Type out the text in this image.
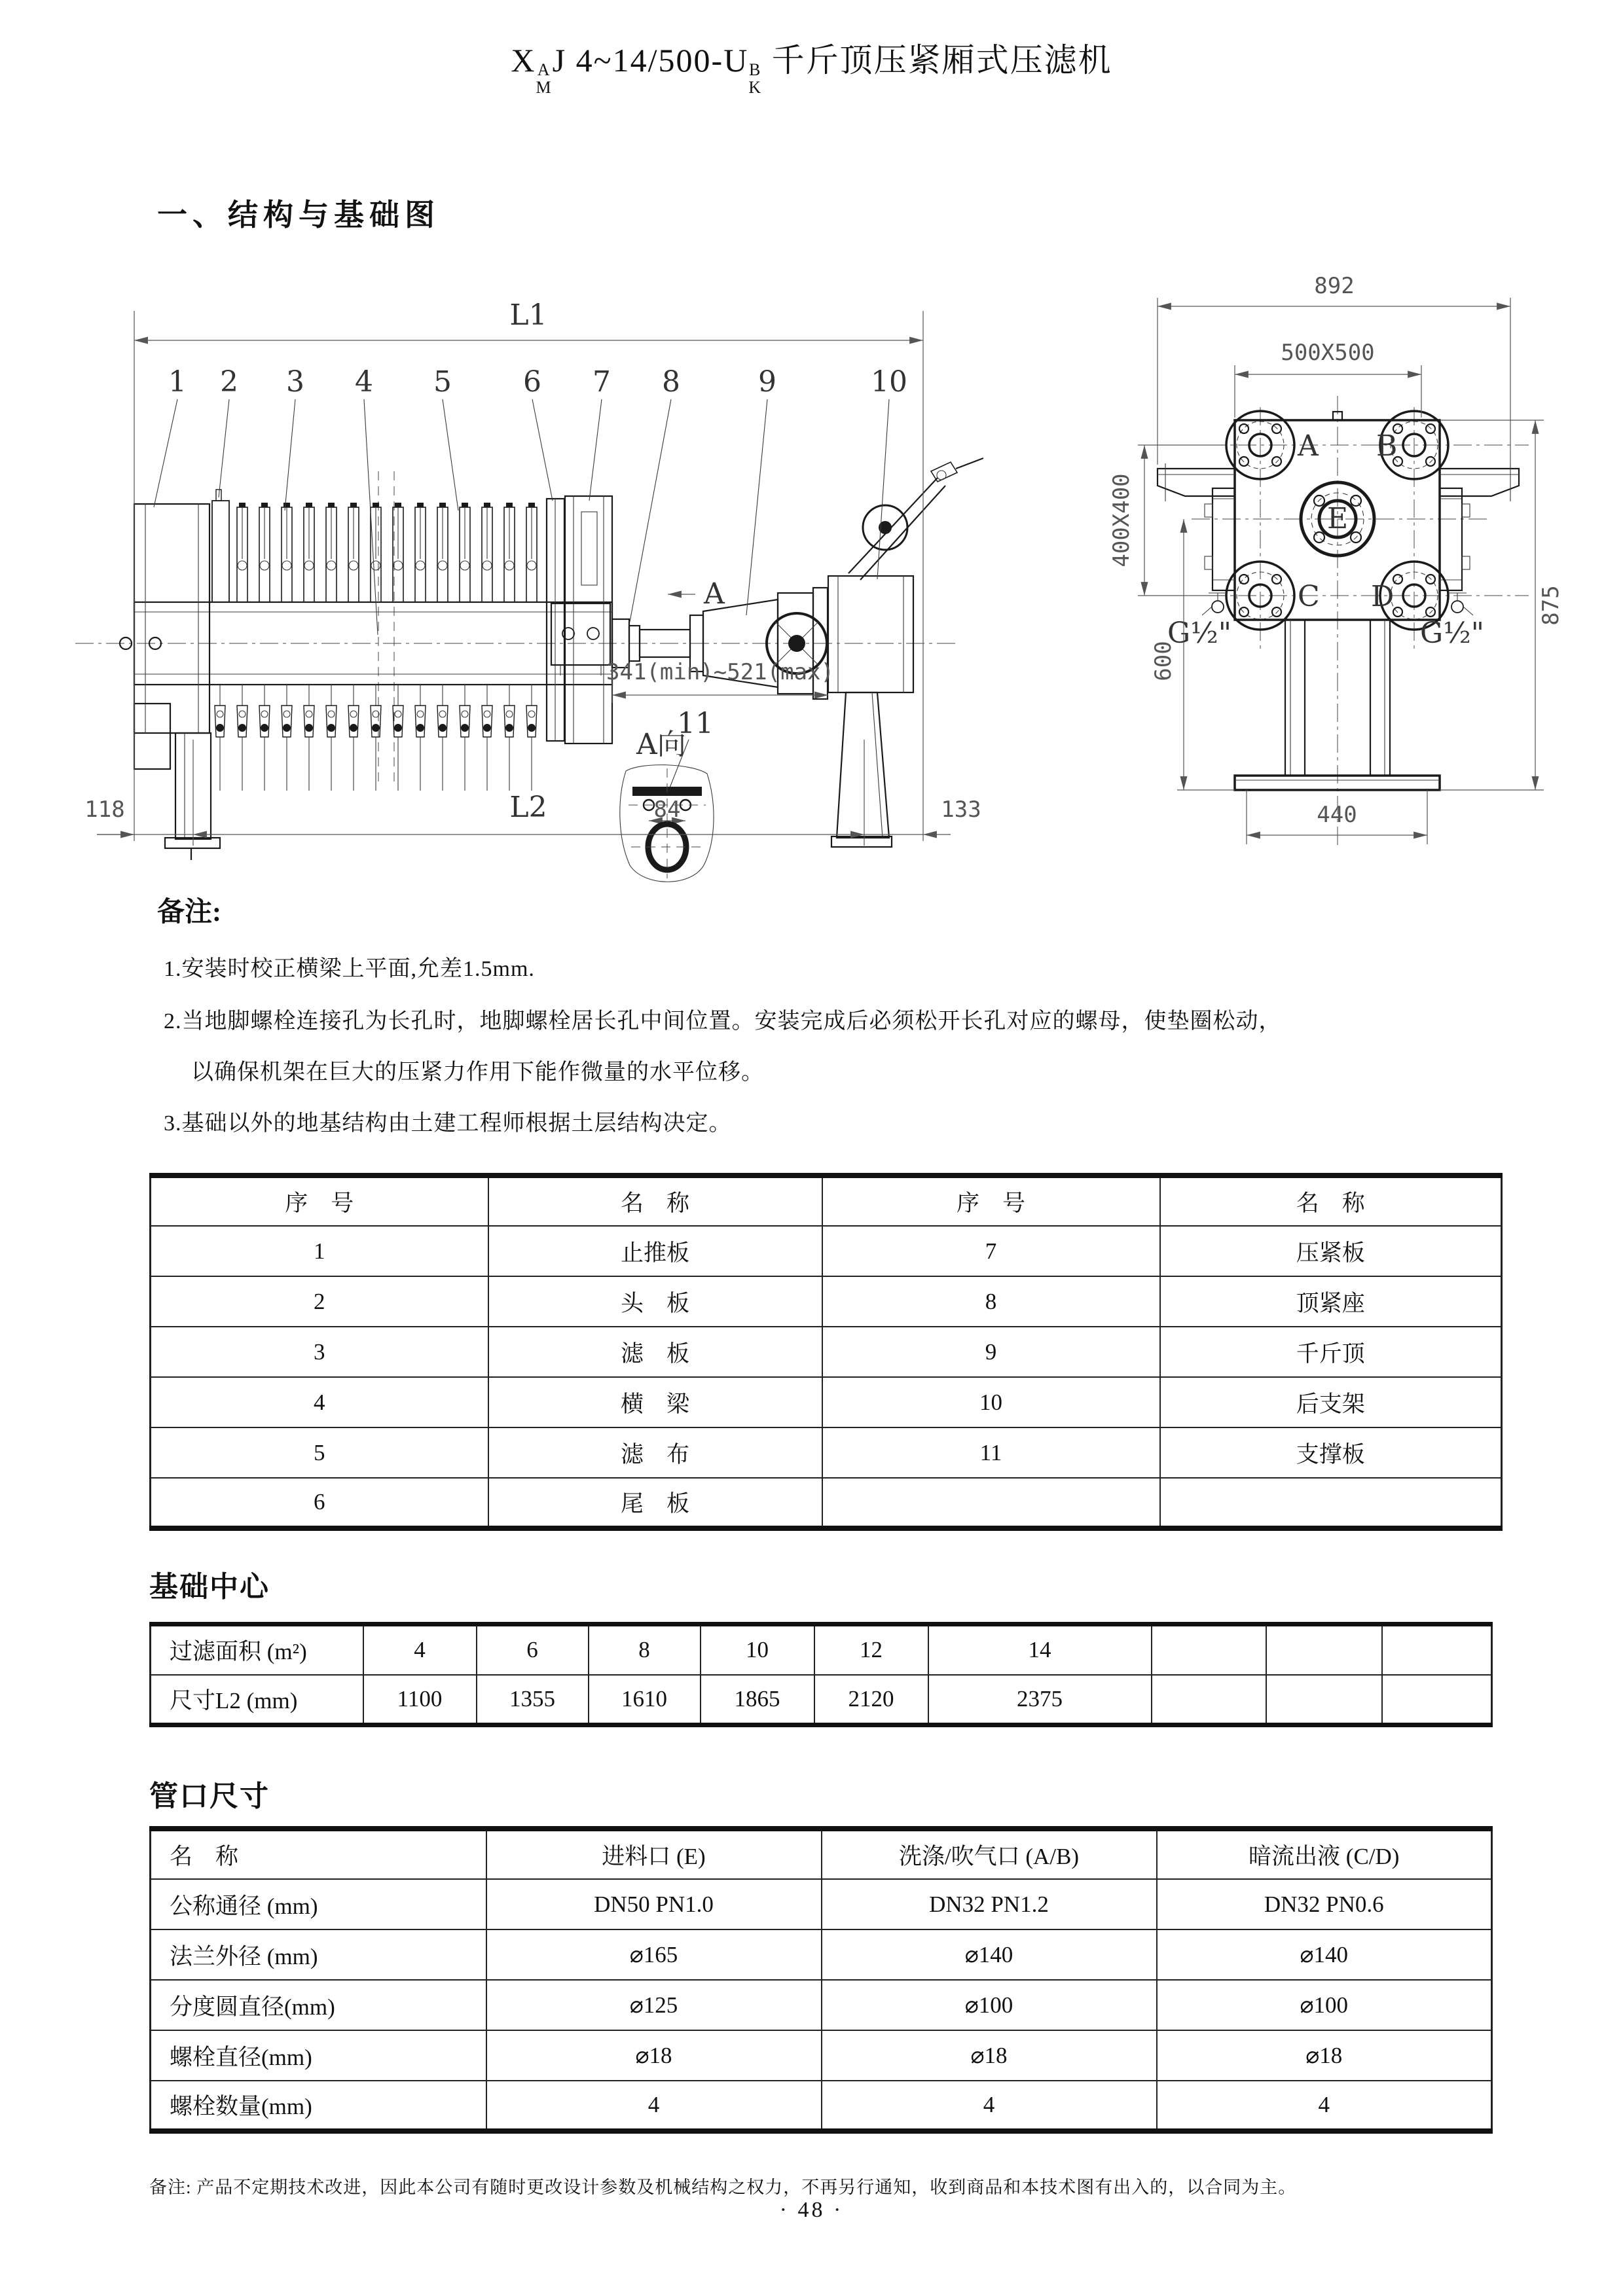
X A
M
J 4~14/500-U B
K
千斤顶压紧厢式压滤机
一、结构与基础图
L1
1 2 3 4 5 6 7 8	9	10
A
341(min)~521(max)
11
A向
84
118	L2	133
A B
C D
E
G½"	G½"
892
500X500
400X400
600
875
440
备注:
1.安装时校正横梁上平面,允差1.5mm.
2.当地脚螺栓连接孔为长孔时，地脚螺栓居长孔中间位置。安装完成后必须松开长孔对应的螺母，使垫圈松动，
以确保机架在巨大的压紧力作用下能作微量的水平位移。
3.基础以外的地基结构由土建工程师根据土层结构决定。
序　号	名　称	序　号	名　称
1	止推板	7	压紧板
2	头　板	8	顶紧座
3	滤　板	9	千斤顶
4	横　梁	10	后支架
5	滤　布	11	支撑板
6	尾　板		
基础中心
过滤面积 (m²)	4	6	8	10	12	14			
尺寸L2 (mm)	1100	1355	1610	1865	2120	2375			
管口尺寸
名　称	进料口 (E)	洗涤/吹气口 (A/B)	暗流出液 (C/D)
公称通径 (mm)	DN50 PN1.0	DN32 PN1.2	DN32 PN0.6
法兰外径 (mm)	⌀165	⌀140	⌀140
分度圆直径(mm)	⌀125	⌀100	⌀100
螺栓直径(mm)	⌀18	⌀18	⌀18
螺栓数量(mm)	4	4	4
备注: 产品不定期技术改进，因此本公司有随时更改设计参数及机械结构之权力，不再另行通知，收到商品和本技术图有出入的，以合同为主。
· 48 ·
